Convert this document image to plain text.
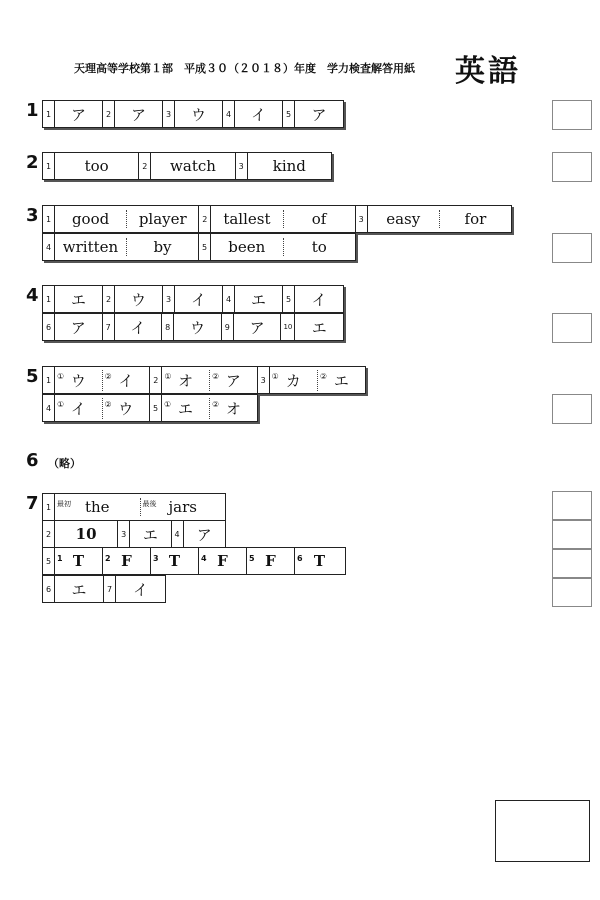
天理高等学校第１部　平成３０（２０１８）年度　学力検査解答用紙 英語
1 1	ア	2	ア	3	ウ	4	イ	5	ア
2 1	too	2	watch	3	kind
3 1	good	player	2	tallest	of	3	easy	for
4 written	by	5	been	to
4 1	エ	2	ウ	3	イ	4	エ	5	イ
6	ア	7	イ	8	ウ	9	ア	10	エ
5 1 ① ウ	② イ	2 ① オ	② ア	3 ① カ	② エ
4 ① イ	② ウ	5 ① エ	② オ
6 （略）
7 1 最初 the	最後 jars
2	10	3	エ	4	ア
5 1 T	2 F	3 T	4 F	5 F	6 T
6	エ	7	イ
